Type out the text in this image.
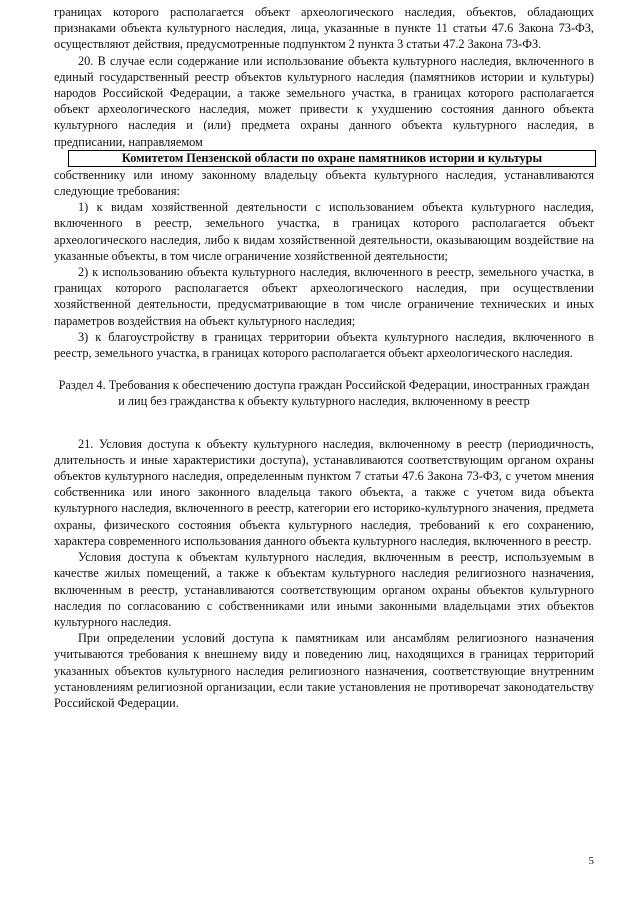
границах которого располагается объект археологического наследия, объектов, обладающих признаками объекта культурного наследия, лица, указанные в пункте 11 статьи 47.6 Закона 73-ФЗ, осуществляют действия, предусмотренные подпунктом 2 пункта 3 статьи 47.2 Закона 73-ФЗ.

20. В случае если содержание или использование объекта культурного наследия, включенного в единый государственный реестр объектов культурного наследия (памятников истории и культуры) народов Российской Федерации, а также земельного участка, в границах которого располагается объект археологического наследия, может привести к ухудшению состояния данного объекта культурного наследия и (или) предмета охраны данного объекта культурного наследия, в предписании, направляемом

Комитетом Пензенской области по охране памятников истории и культуры

собственнику или иному законному владельцу объекта культурного наследия, устанавливаются следующие требования:

1) к видам хозяйственной деятельности с использованием объекта культурного наследия, включенного в реестр, земельного участка, в границах которого располагается объект археологического наследия, либо к видам хозяйственной деятельности, оказывающим воздействие на указанные объекты, в том числе ограничение хозяйственной деятельности;

2) к использованию объекта культурного наследия, включенного в реестр, земельного участка, в границах которого располагается объект археологического наследия, при осуществлении хозяйственной деятельности, предусматривающие в том числе ограничение технических и иных параметров воздействия на объект культурного наследия;

3) к благоустройству в границах территории объекта культурного наследия, включенного в реестр, земельного участка, в границах которого располагается объект археологического наследия.

Раздел 4. Требования к обеспечению доступа граждан Российской Федерации, иностранных граждан и лиц без гражданства к объекту культурного наследия, включенному в реестр

21. Условия доступа к объекту культурного наследия, включенному в реестр (периодичность, длительность и иные характеристики доступа), устанавливаются соответствующим органом охраны объектов культурного наследия, определенным пунктом 7 статьи 47.6 Закона 73-ФЗ, с учетом мнения собственника или иного законного владельца такого объекта, а также с учетом вида объекта культурного наследия, включенного в реестр, категории его историко-культурного значения, предмета охраны, физического состояния объекта культурного наследия, требований к его сохранению, характера современного использования данного объекта культурного наследия, включенного в реестр.

Условия доступа к объектам культурного наследия, включенным в реестр, используемым в качестве жилых помещений, а также к объектам культурного наследия религиозного назначения, включенным в реестр, устанавливаются соответствующим органом охраны объектов культурного наследия по согласованию с собственниками или иными законными владельцами этих объектов культурного наследия.

При определении условий доступа к памятникам или ансамблям религиозного назначения учитываются требования к внешнему виду и поведению лиц, находящихся в границах территорий указанных объектов культурного наследия религиозного назначения, соответствующие внутренним установлениям религиозной организации, если такие установления не противоречат законодательству Российской Федерации.

5
